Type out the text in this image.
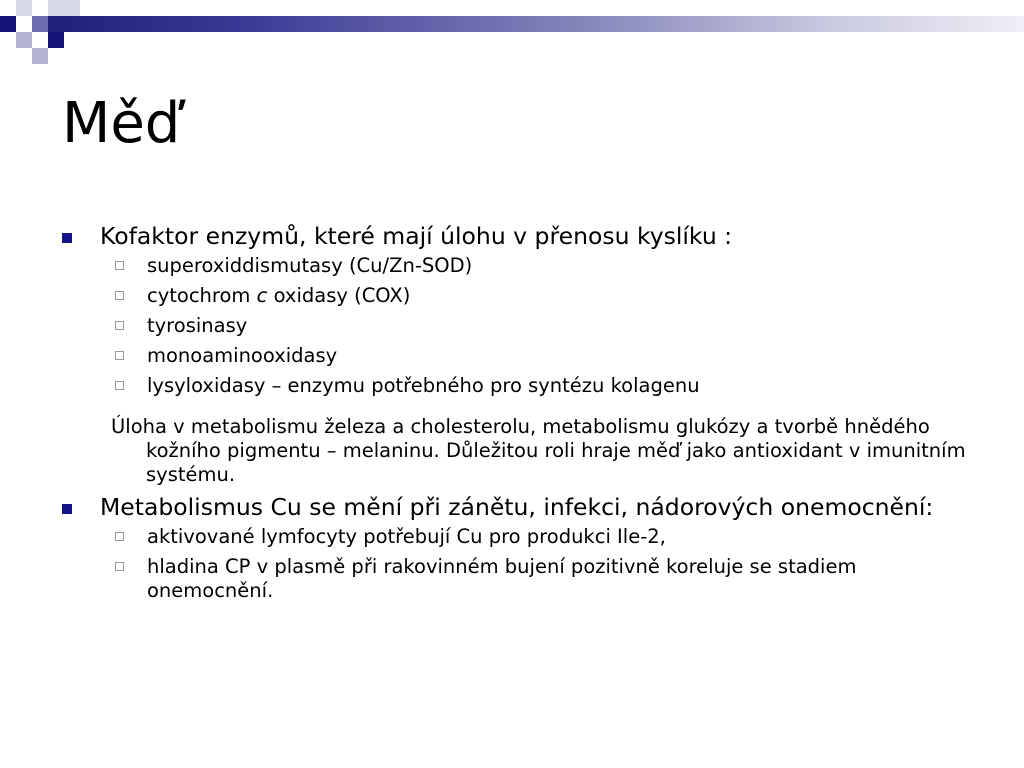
Měď
Kofaktor enzymů, které mají úlohu v přenosu kyslíku :
superoxiddismutasy (Cu/Zn-SOD)
cytochrom c oxidasy (COX)
tyrosinasy
monoaminooxidasy
lysyloxidasy – enzymu potřebného pro syntézu kolagenu

Úloha v metabolismu železa a cholesterolu, metabolismu glukózy a tvorbě hnědého kožního pigmentu – melaninu. Důležitou roli hraje měď jako antioxidant v imunitním systému.

Metabolismus Cu se mění při zánětu, infekci, nádorových onemocnění:
aktivované lymfocyty potřebují Cu pro produkci Ile-2,
hladina CP v plasmě při rakovinném bujení pozitivně koreluje se stadiem onemocnění.
